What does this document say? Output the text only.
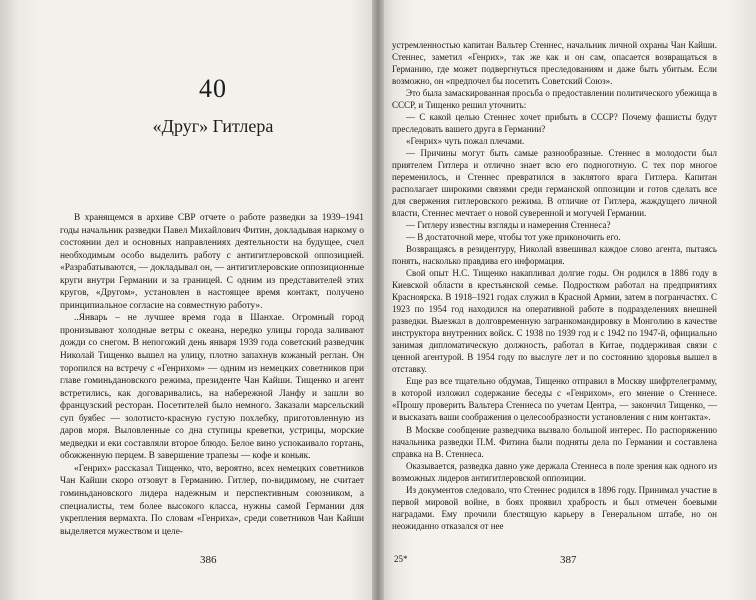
40
«Друг» Гитлера

В хранящемся в архиве СВР отчете о работе разведки за 1939–1941 годы начальник разведки Павел Михайлович Фитин, докладывая наркому о состоянии дел и основных направлениях деятельности на будущее, счел необходимым особо выделить работу с антигитлеровской оппозицией. «Разрабатываются, — докладывал он, — антигитлеровские оппозиционные круги внутри Германии и за границей. С одним из представителей этих кругов, «Другом», установлен в настоящее время контакт, получено принципиальное согласие на совместную работу».

..Январь – не лучшее время года в Шанхае. Огромный город пронизывают холодные ветры с океана, нередко улицы города заливают дожди со снегом. В непогожий день января 1939 года советский разведчик Николай Тищенко вышел на улицу, плотно запахнув кожаный реглан. Он торопился на встречу с «Генрихом» — одним из немецких советников при главе гоминьдановского режима, президенте Чан Кайши. Тищенко и агент встретились, как договаривались, на набережной Ланфу и зашли во французский ресторан. Посетителей было немного. Заказали марсельский суп буябес — золотисто-красную густую похлебку, приготовленную из даров моря. Выловленные со дна ступицы креветки, устрицы, морские медведки и еки составляли второе блюдо. Белое вино успокаивало гортань, обожженную перцем. В завершение трапезы — кофе и коньяк.

«Генрих» рассказал Тищенко, что, вероятно, всех немецких советников Чан Кайши скоро отзовут в Германию. Гитлер, по-видимому, не считает гоминьдановского лидера надежным и перспективным союзником, а специалисты, тем более высокого класса, нужны самой Германии для укрепления вермахта. По словам «Генриха», среди советников Чан Кайши выделяется мужеством и целе-

386

устремленностью капитан Вальтер Стеннес, начальник личной охраны Чан Кайши. Стеннес, заметил «Генрих», так же как и он сам, опасается возвращаться в Германию, где может подвергнуться преследованиям и даже быть убитым. Если возможно, он «предпочел бы посетить Советский Союз».

Это была замаскированная просьба о предоставлении политического убежища в СССР, и Тищенко решил уточнить:

— С какой целью Стеннес хочет прибыть в СССР? Почему фашисты будут преследовать вашего друга в Германии?

«Генрих» чуть пожал плечами.

— Причины могут быть самые разнообразные. Стеннес в молодости был приятелем Гитлера и отлично знает всю его подноготную. С тех пор многое переменилось, и Стеннес превратился в заклятого врага Гитлера. Капитан располагает широкими связями среди германской оппозиции и готов сделать все для свержения гитлеровского режима. В отличие от Гитлера, жаждущего личной власти, Стеннес мечтает о новой суверенной и могучей Германии.

— Гитлеру известны взгляды и намерения Стеннеса?

— В достаточной мере, чтобы тот уже приконочить его.

Возвращаясь в резидентуру, Николай взвешивал каждое слово агента, пытаясь понять, насколько правдива его информация.

Свой опыт Н.С. Тищенко накапливал долгие годы. Он родился в 1886 году в Киевской области в крестьянской семье. Подростком работал на предприятиях Красноярска. В 1918–1921 годах служил в Красной Армии, затем в погранчастях. С 1923 по 1954 год находился на оперативной работе в подразделениях внешней разведки. Выезжал в долговременную загранкомандировку в Монголию в качестве инструктора внутренних войск. С 1938 по 1939 год и с 1942 по 1947-й, официально занимая дипломатическую должность, работал в Китае, поддерживая связи с ценной агентурой. В 1954 году по выслуге лет и по состоянию здоровья вышел в отставку.

Еще раз все тщательно обдумав, Тищенко отправил в Москву шифртелеграмму, в которой изложил содержание беседы с «Генрихом», его мнение о Стеннесе. «Прошу проверить Вальтера Стеннеса по учетам Центра, — закончил Тищенко, — и высказать ваши соображения о целесообразности установления с ним контакта».

В Москве сообщение разведчика вызвало большой интерес. По распоряжению начальника разведки П.М. Фитина были подняты дела по Германии и составлена справка на В. Стеннеса.

Оказывается, разведка давно уже держала Стеннеса в поле зрения как одного из возможных лидеров антигитлеровской оппозиции.

Из документов следовало, что Стеннес родился в 1896 году. Принимал участие в первой мировой войне, в боях проявил храбрость и был отмечен боевыми наградами. Ему прочили блестящую карьеру в Генеральном штабе, но он неожиданно отказался от нее

25*	387
